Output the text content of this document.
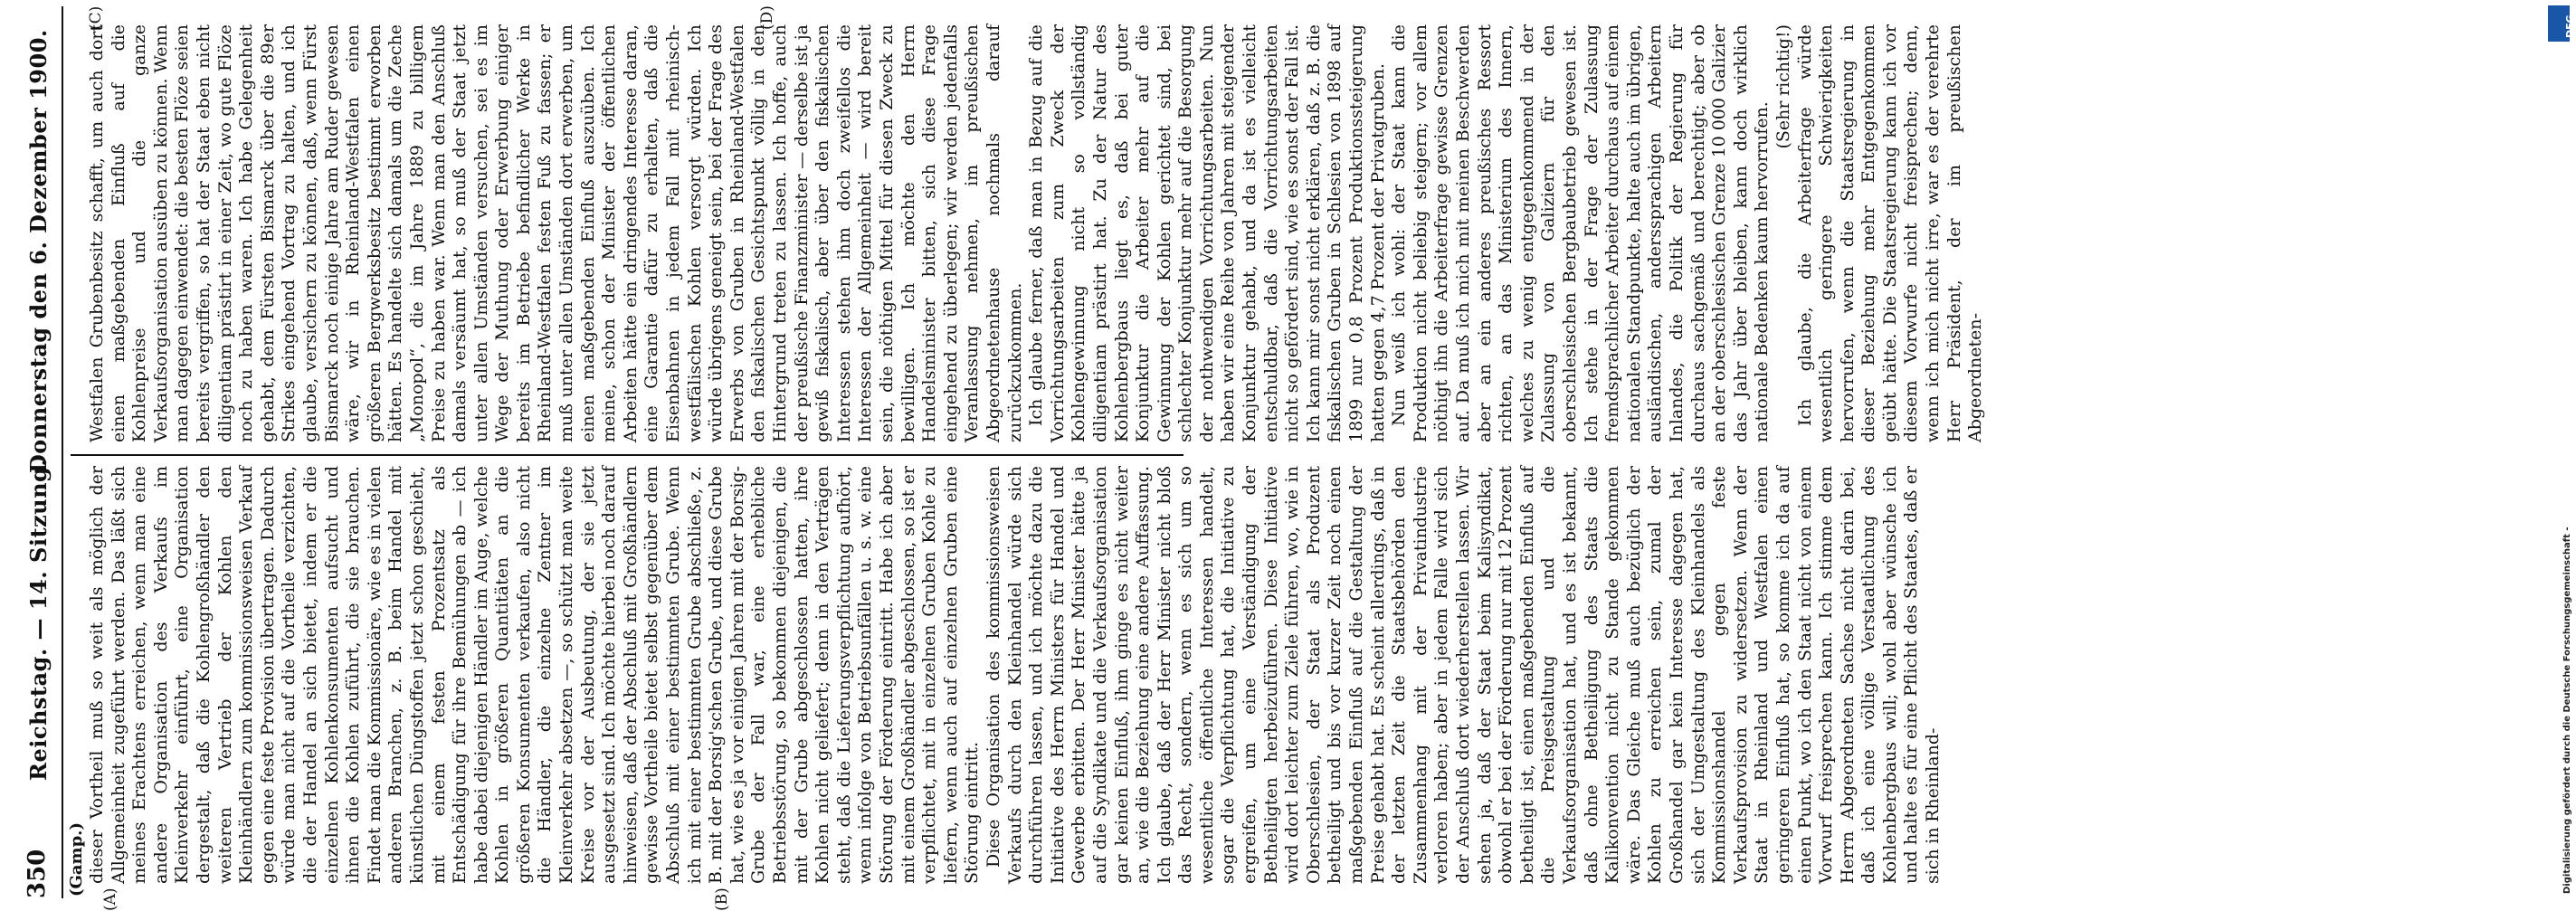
350
Reichstag. — 14. Sitzung.
Donnerstag den 6. Dezember 1900.
(Gamp.)
(A)	(B)
(C)	(D)

dieser Vortheil muß so weit als möglich der Allgemeinheit zugeführt werden. Das läßt sich meines Erachtens erreichen, wenn man eine andere Organisation des Verkaufs im Kleinverkehr einführt, eine Organisation dergestalt, daß die Kohlengroßhändler den weiteren Vertrieb der Kohlen den Kleinhändlern zum kommissionsweisen Verkauf gegen eine feste Provision übertragen. Dadurch würde man nicht auf die Vortheile verzichten, die der Handel an sich bietet, indem er die einzelnen Kohlenkonsumenten aufsucht und ihnen die Kohlen zuführt, die sie brauchen. Findet man die Kommissionäre, wie es in vielen anderen Branchen, z. B. beim Handel mit künstlichen Düngstoffen jetzt schon geschieht, mit einem festen Prozentsatz als Entschädigung für ihre Bemühungen ab — ich habe dabei diejenigen Händler im Auge, welche Kohlen in größeren Quantitäten an die größeren Konsumenten verkaufen, also nicht die Händler, die einzelne Zentner im Kleinverkehr absetzen —, so schützt man weite Kreise vor der Ausbeutung, der sie jetzt ausgesetzt sind. Ich möchte hierbei noch darauf hinweisen, daß der Abschluß mit Großhändlern gewisse Vortheile bietet selbst gegenüber dem Abschluß mit einer bestimmten Grube. Wenn ich mit einer bestimmten Grube abschließe, z. B. mit der Borsig'schen Grube, und diese Grube hat, wie es ja vor einigen Jahren mit der Borsig-Grube der Fall war, eine erhebliche Betriebsstörung, so bekommen diejenigen, die mit der Grube abgeschlossen hatten, ihre Kohlen nicht geliefert; denn in den Verträgen steht, daß die Lieferungsverpflichtung aufhört, wenn infolge von Betriebsunfällen u. s. w. eine Störung der Förderung eintritt. Habe ich aber mit einem Großhändler abgeschlossen, so ist er verpflichtet, mit in einzelnen Gruben Kohle zu liefern, wenn auch auf einzelnen Gruben eine Störung eintritt. Diese Organisation des kommissionsweisen Verkaufs durch den Kleinhandel würde sich durchführen lassen, und ich möchte dazu die Initiative des Herrn Ministers für Handel und Gewerbe erbitten. Der Herr Minister hätte ja auf die Syndikate und die Verkaufsorganisation gar keinen Einfluß, ihm ginge es nicht weiter an, wie die Beziehung eine andere Auffassung. Ich glaube, daß der Herr Minister nicht bloß das Recht, sondern, wenn es sich um so wesentliche öffentliche Interessen handelt, sogar die Verpflichtung hat, die Initiative zu ergreifen, um eine Verständigung der Betheiligten herbeizuführen. Diese Initiative wird dort leichter zum Ziele führen, wo, wie in Oberschlesien, der Staat als Produzent betheiligt und bis vor kurzer Zeit noch einen maßgebenden Einfluß auf die Gestaltung der Preise gehabt hat. Es scheint allerdings, daß in der letzten Zeit die Staatsbehörden den Zusammenhang mit der Privatindustrie verloren haben; aber in jedem Falle wird sich der Anschluß dort wiederherstellen lassen. Wir sehen ja, daß der Staat beim Kalisyndikat, obwohl er bei der Förderung nur mit 12 Prozent betheiligt ist, einen maßgebenden Einfluß auf die Preisgestaltung und die Verkaufsorganisation hat, und es ist bekannt, daß ohne Betheiligung des Staats die Kalikonvention nicht zu Stande gekommen wäre. Das Gleiche muß auch bezüglich der Kohlen zu erreichen sein, zumal der Großhandel gar kein Interesse dagegen hat, sich der Umgestaltung des Kleinhandels als Kommissionshandel gegen feste Verkaufsprovision zu widersetzen. Wenn der Staat in Rheinland und Westfalen einen geringeren Einfluß hat, so komme ich da auf einen Punkt, wo ich den Staat nicht von einem Vorwurf freisprechen kann. Ich stimme dem Herrn Abgeordneten Sachse nicht darin bei, daß ich eine völlige Verstaatlichung des Kohlenbergbaus will; wohl aber wünsche ich und halte es für eine Pflicht des Staates, daß er sich in Rheinland-

Westfalen Grubenbesitz schafft, um auch dort einen maßgebenden Einfluß auf die Kohlenpreise und die ganze Verkaufsorganisation ausüben zu können. Wenn man dagegen einwendet: die besten Flöze seien bereits vergriffen, so hat der Staat eben nicht diligentiam prästirt in einer Zeit, wo gute Flöze noch zu haben waren. Ich habe Gelegenheit gehabt, dem Fürsten Bismarck über die 89er Strikes eingehend Vortrag zu halten, und ich glaube, versichern zu können, daß, wenn Fürst Bismarck noch einige Jahre am Ruder gewesen wäre, wir in Rheinland-Westfalen einen größeren Bergwerksbesitz bestimmt erworben hätten. Es handelte sich damals um die Zeche „Monopol“, die im Jahre 1889 zu billigem Preise zu haben war. Wenn man den Anschluß damals versäumt hat, so muß der Staat jetzt unter allen Umständen versuchen, sei es im Wege der Muthung oder Erwerbung einiger bereits im Betriebe befindlicher Werke in Rheinland-Westfalen festen Fuß zu fassen; er muß unter allen Umständen dort erwerben, um einen maßgebenden Einfluß auszuüben. Ich meine, schon der Minister der öffentlichen Arbeiten hätte ein dringendes Interesse daran, eine Garantie dafür zu erhalten, daß die Eisenbahnen in jedem Fall mit rheinisch-westfälischen Kohlen versorgt würden. Ich würde übrigens geneigt sein, bei der Frage des Erwerbs von Gruben in Rheinland-Westfalen den fiskalischen Gesichtspunkt völlig in den Hintergrund treten zu lassen. Ich hoffe, auch der preußische Finanzminister — derselbe ist ja gewiß fiskalisch, aber über den fiskalischen Interessen stehen ihm doch zweifellos die Interessen der Allgemeinheit — wird bereit sein, die nöthigen Mittel für diesen Zweck zu bewilligen. Ich möchte den Herrn Handelsminister bitten, sich diese Frage eingehend zu überlegen; wir werden jedenfalls Veranlassung nehmen, im preußischen Abgeordnetenhause nochmals darauf zurückzukommen. Ich glaube ferner, daß man in Bezug auf die Vorrichtungsarbeiten zum Zweck der Kohlengewinnung nicht so vollständig diligentiam prästirt hat. Zu der Natur des Kohlenbergbaus liegt es, daß bei guter Konjunktur die Arbeiter mehr auf die Gewinnung der Kohlen gerichtet sind, bei schlechter Konjunktur mehr auf die Besorgung der nothwendigen Vorrichtungsarbeiten. Nun haben wir eine Reihe von Jahren mit steigender Konjunktur gehabt, und da ist es vielleicht entschuldbar, daß die Vorrichtungsarbeiten nicht so gefördert sind, wie es sonst der Fall ist. Ich kann mir sonst nicht erklären, daß z. B. die fiskalischen Gruben in Schlesien von 1898 auf 1899 nur 0,8 Prozent Produktionssteigerung hatten gegen 4,7 Prozent der Privatgruben. Nun weiß ich wohl: der Staat kann die Produktion nicht beliebig steigern; vor allem nöthigt ihn die Arbeiterfrage gewisse Grenzen auf. Da muß ich mich mit meinen Beschwerden aber an ein anderes preußisches Ressort richten, an das Ministerium des Innern, welches zu wenig entgegenkommend in der Zulassung von Galiziern für den oberschlesischen Bergbaubetrieb gewesen ist. Ich stehe in der Frage der Zulassung fremdsprachlicher Arbeiter durchaus auf einem nationalen Standpunkte, halte auch im übrigen, ausländischen, anderssprachigen Arbeitern Inlandes, die Politik der Regierung für durchaus sachgemäß und berechtigt; aber ob an der oberschlesischen Grenze 10 000 Galizier das Jahr über bleiben, kann doch wirklich nationale Bedenken kaum hervorrufen.

(Sehr richtig!) Ich glaube, die Arbeiterfrage würde wesentlich geringere Schwierigkeiten hervorrufen, wenn die Staatsregierung in dieser Beziehung mehr Entgegenkommen geübt hätte. Die Staatsregierung kann ich vor diesem Vorwurfe nicht freisprechen; denn, wenn ich mich nicht irre, war es der verehrte Herr Präsident, der im preußischen Abgeordneten-

DFG
Digitalisierung gefördert durch die Deutsche Forschungsgemeinschaft -
